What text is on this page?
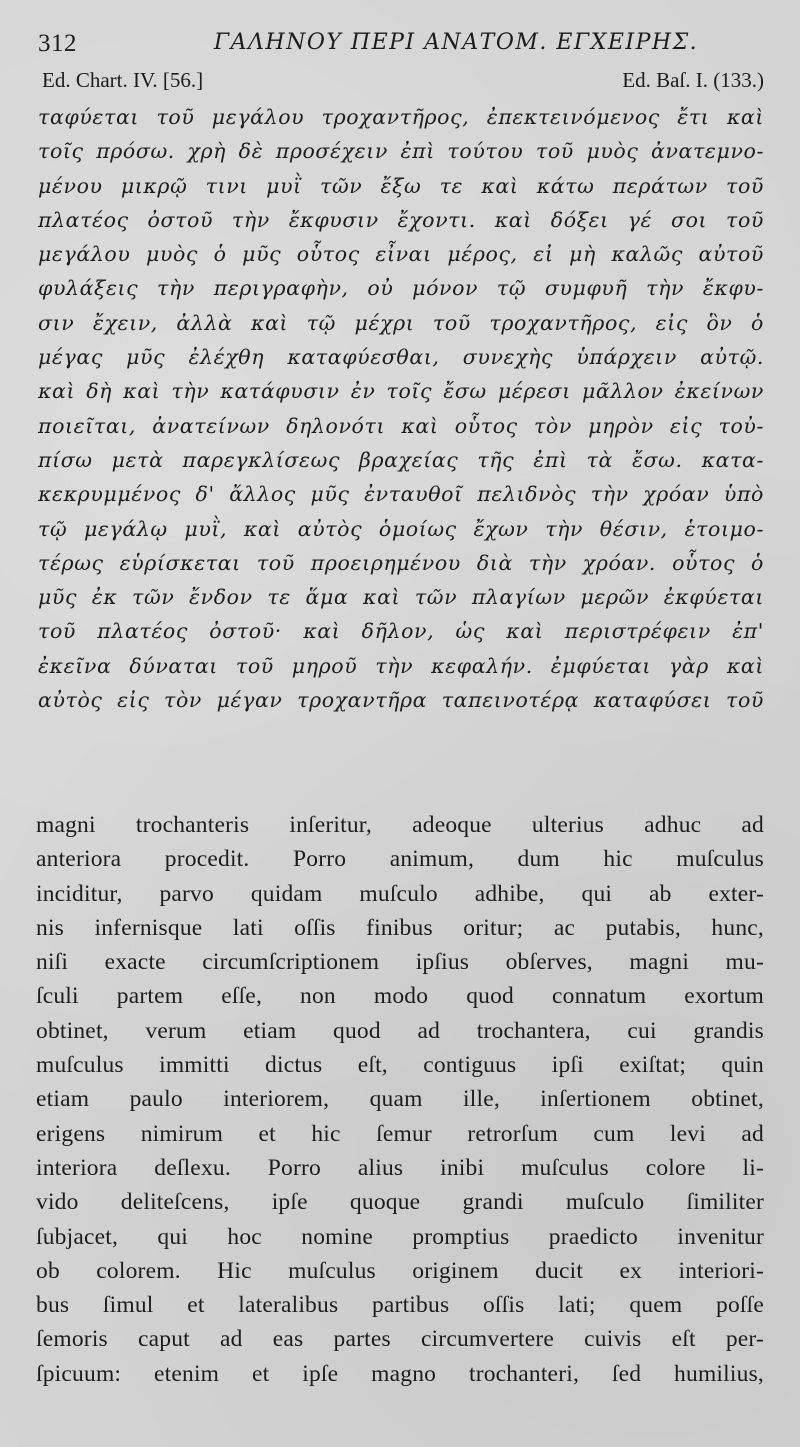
312	ΓΑΛΗΝΟΥ ΠΕΡΙ ΑΝΑΤΟΜ. ΕΓΧΕΙΡΗΣ.
Ed. Chart. IV. [56.]	Ed. Baſ. I. (133.)
ταφύεται τοῦ μεγάλου τροχαντῆρος, ἐπεκτεινόμενος ἔτι καὶ
τοῖς πρόσω. χρὴ δὲ προσέχειν ἐπὶ τούτου τοῦ μυὸς ἀνατεμνο-
μένου μικρῷ τινι μυῒ τῶν ἔξω τε καὶ κάτω περάτων τοῦ
πλατέος ὀστοῦ τὴν ἔκφυσιν ἔχοντι. καὶ δόξει γέ σοι τοῦ
μεγάλου μυὸς ὁ μῦς οὗτος εἶναι μέρος, εἰ μὴ καλῶς αὐτοῦ
φυλάξεις τὴν περιγραφὴν, οὐ μόνον τῷ συμφυῆ τὴν ἔκφυ-
σιν ἔχειν, ἀλλὰ καὶ τῷ μέχρι τοῦ τροχαντῆρος, εἰς ὃν ὁ
μέγας μῦς ἐλέχθη καταφύεσθαι, συνεχὴς ὑπάρχειν αὐτῷ.
καὶ δὴ καὶ τὴν κατάφυσιν ἐν τοῖς ἔσω μέρεσι μᾶλλον ἐκείνων
ποιεῖται, ἀνατείνων δηλονότι καὶ οὗτος τὸν μηρὸν εἰς τοὐ-
πίσω μετὰ παρεγκλίσεως βραχείας τῆς ἐπὶ τὰ ἔσω. κατα-
κεκρυμμένος δ' ἄλλος μῦς ἐνταυθοῖ πελιδνὸς τὴν χρόαν ὑπὸ
τῷ μεγάλῳ μυῒ, καὶ αὐτὸς ὁμοίως ἔχων τὴν θέσιν, ἑτοιμο-
τέρως εὑρίσκεται τοῦ προειρημένου διὰ τὴν χρόαν. οὗτος ὁ
μῦς ἐκ τῶν ἔνδον τε ἅμα καὶ τῶν πλαγίων μερῶν ἐκφύεται
τοῦ πλατέος ὀστοῦ· καὶ δῆλον, ὡς καὶ περιστρέφειν ἐπ'
ἐκεῖνα δύναται τοῦ μηροῦ τὴν κεφαλήν. ἐμφύεται γὰρ καὶ
αὐτὸς εἰς τὸν μέγαν τροχαντῆρα ταπεινοτέρᾳ καταφύσει τοῦ
magni trochanteris inſeritur, adeoque ulterius adhuc ad
anteriora procedit. Porro animum, dum hic muſculus
inciditur, parvo quidam muſculo adhibe, qui ab exter-
nis infernisque lati oſſis finibus oritur; ac putabis, hunc,
niſi exacte circumſcriptionem ipſius obſerves, magni mu-
ſculi partem eſſe, non modo quod connatum exortum
obtinet, verum etiam quod ad trochantera, cui grandis
muſculus immitti dictus eſt, contiguus ipſi exiſtat; quin
etiam paulo interiorem, quam ille, inſertionem obtinet,
erigens nimirum et hic ſemur retrorſum cum levi ad
interiora deſlexu. Porro alius inibi muſculus colore li-
vido deliteſcens, ipſe quoque grandi muſculo ſimiliter
ſubjacet, qui hoc nomine promptius praedicto invenitur
ob colorem. Hic muſculus originem ducit ex interiori-
bus ſimul et lateralibus partibus oſſis lati; quem poſſe
ſemoris caput ad eas partes circumvertere cuivis eſt per-
ſpicuum: etenim et ipſe magno trochanteri, ſed humilius,
